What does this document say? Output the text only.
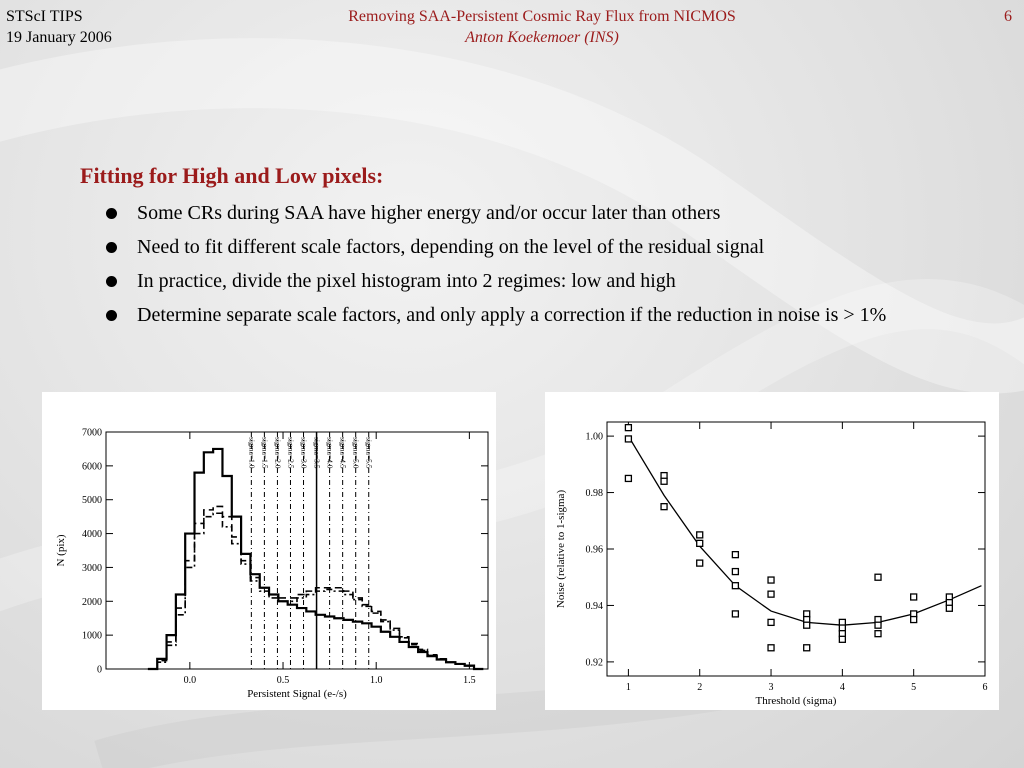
STScI TIPS
19 January 2006
Removing SAA-Persistent Cosmic Ray Flux from NICMOS
Anton Koekemoer (INS)
6
Fitting for High and Low pixels:
Some CRs during SAA have higher energy and/or occur later than others
Need to fit different scale factors, depending on the level of the residual signal
In practice, divide the pixel histogram into 2 regimes: low and high
Determine separate scale factors, and only apply a correction if the reduction in noise is > 1%
0.0	0.5	1.0	1.5
0
1000
2000
3000
4000
5000
6000
7000
Persistent Signal (e-/s)
N (pix)
sigma=1.0 sigma=1.5 sigma=2.0 sigma=2.5 sigma=3.0 sigma=3.5 sigma=4.0 sigma=4.5 sigma=5.0 sigma=5.5
1	2	3	4	5	6
0.92
0.94
0.96
0.98
1.00
Threshold (sigma)
Noise (relative to 1-sigma)
